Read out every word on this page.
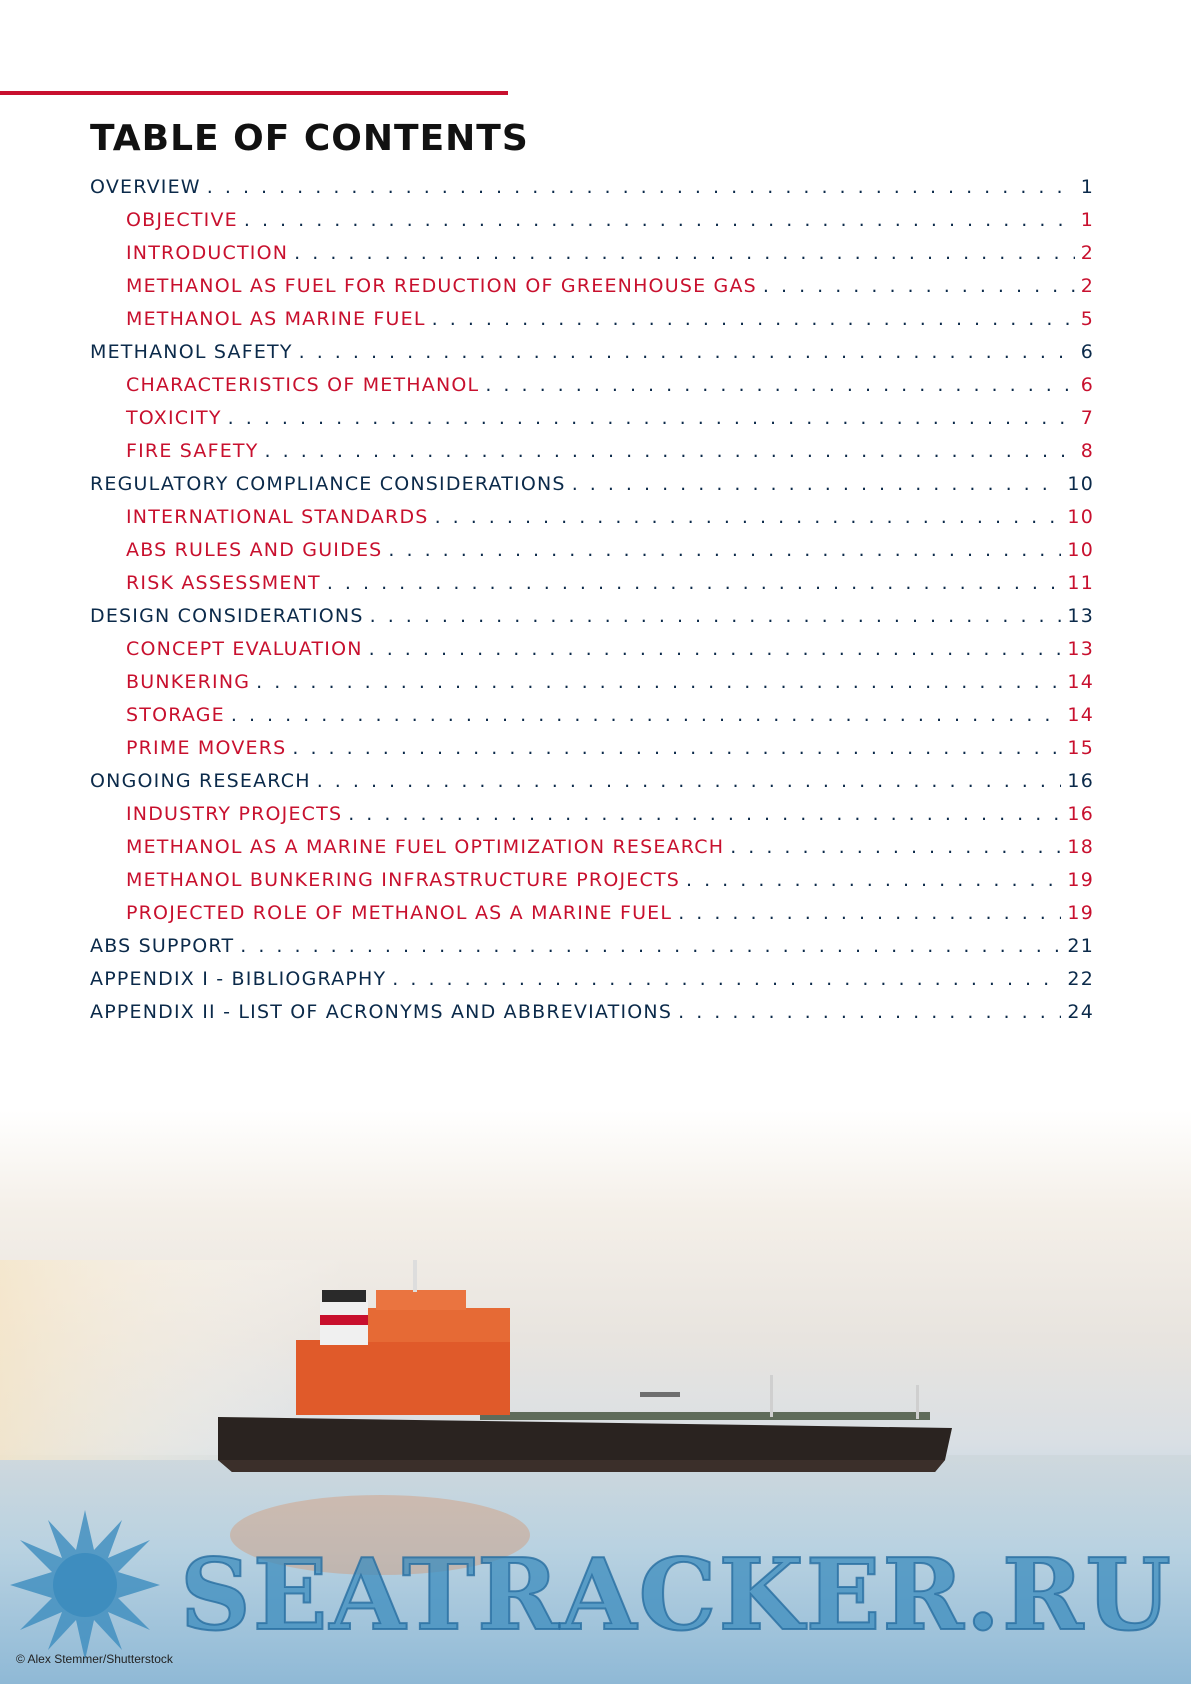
TABLE OF CONTENTS
OVERVIEW . . .	1
OBJECTIVE . . .	1
INTRODUCTION . . .	2
METHANOL AS FUEL FOR REDUCTION OF GREENHOUSE GAS . . .	2
METHANOL AS MARINE FUEL . . .	5
METHANOL SAFETY . . .	6
CHARACTERISTICS OF METHANOL . . .	6
TOXICITY . . .	7
FIRE SAFETY . . .	8
REGULATORY COMPLIANCE CONSIDERATIONS . . .	10
INTERNATIONAL STANDARDS . . .	10
ABS RULES AND GUIDES . . .	10
RISK ASSESSMENT . . .	11
DESIGN CONSIDERATIONS . . .	13
CONCEPT EVALUATION . . .	13
BUNKERING . . .	14
STORAGE . . .	14
PRIME MOVERS . . .	15
ONGOING RESEARCH . . .	16
INDUSTRY PROJECTS . . .	16
METHANOL AS A MARINE FUEL OPTIMIZATION RESEARCH . . .	18
METHANOL BUNKERING INFRASTRUCTURE PROJECTS . . .	19
PROJECTED ROLE OF METHANOL AS A MARINE FUEL . . .	19
ABS SUPPORT . . .	21
APPENDIX I - BIBLIOGRAPHY . . .	22
APPENDIX II - LIST OF ACRONYMS AND ABBREVIATIONS . . .	24
SEATRACKER.RU
© Alex Stemmer/Shutterstock
